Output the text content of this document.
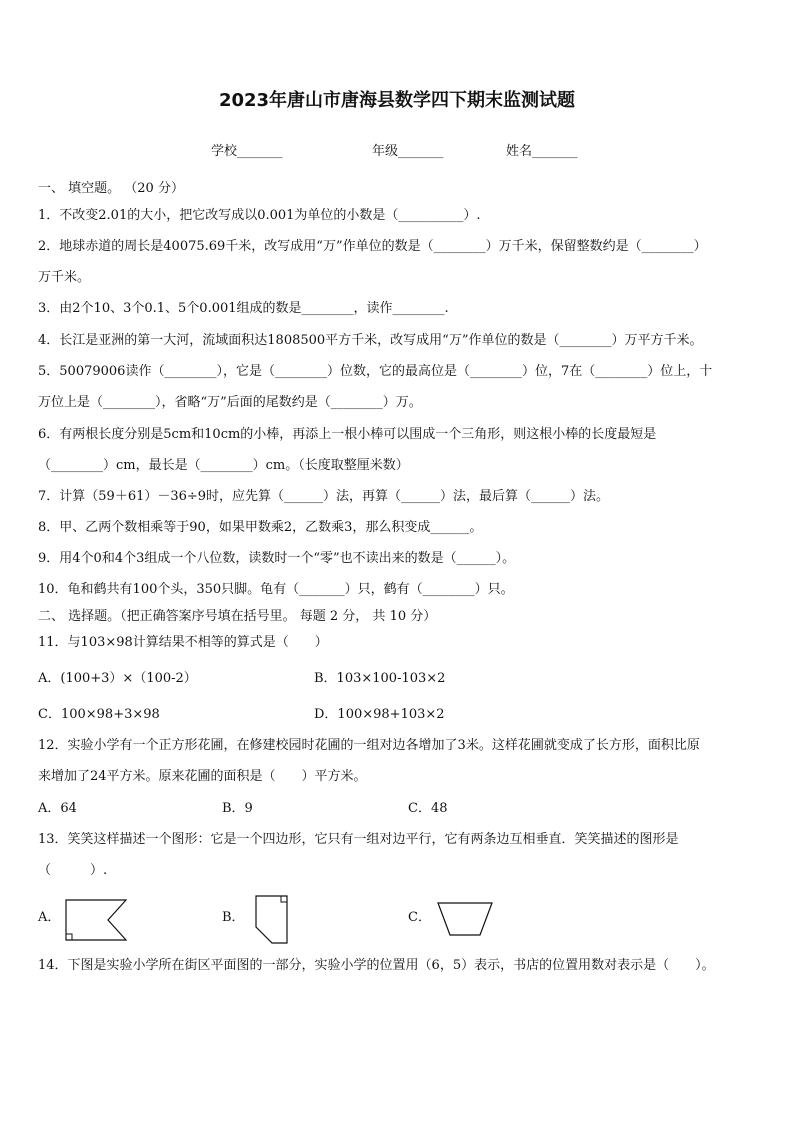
2023年唐山市唐海县数学四下期末监测试题
学校_______	年级_______	姓名_______
一、 填空题。 （20 分）
1．不改变2.01的大小，把它改写成以0.001为单位的小数是（__________）.
2．地球赤道的周长是40075.69千米，改写成用“万”作单位的数是（________）万千米，保留整数约是（________）
万千米。
3．由2个10、3个0.1、5个0.001组成的数是________，读作________.
4．长江是亚洲的第一大河，流域面积达1808500平方千米，改写成用“万”作单位的数是（________）万平方千米。
5．50079006读作（________），它是（________）位数，它的最高位是（________）位，7在（________）位上，十
万位上是（________），省略“万”后面的尾数约是（________）万。
6．有两根长度分别是5cm和10cm的小棒，再添上一根小棒可以围成一个三角形，则这根小棒的长度最短是
（________）cm，最长是（________）cm。（长度取整厘米数）
7．计算（59＋61）－36÷9时，应先算（______）法，再算（______）法，最后算（______）法。
8．甲、乙两个数相乘等于90，如果甲数乘2，乙数乘3，那么积变成______。
9．用4个0和4个3组成一个八位数，读数时一个“零”也不读出来的数是（______）。
10．龟和鹤共有100个头，350只脚。龟有（_______）只，鹤有（________）只。
二、 选择题。（把正确答案序号填在括号里。 每题 2 分， 共 10 分）
11．与103×98计算结果不相等的算式是（　　）
A．(100+3）×（100-2）	B．103×100-103×2
C．100×98+3×98	D．100×98+103×2
12．实验小学有一个正方形花圃，在修建校园时花圃的一组对边各增加了3米。这样花圃就变成了长方形，面积比原
来增加了24平方米。原来花圃的面积是（　　）平方米。
A．64	B．9	C．48
13．笑笑这样描述一个图形：它是一个四边形，它只有一组对边平行，它有两条边互相垂直．笑笑描述的图形是
（　　　）.
A．	B．	C．
14．下图是实验小学所在街区平面图的一部分，实验小学的位置用（6，5）表示，书店的位置用数对表示是（　　）。
